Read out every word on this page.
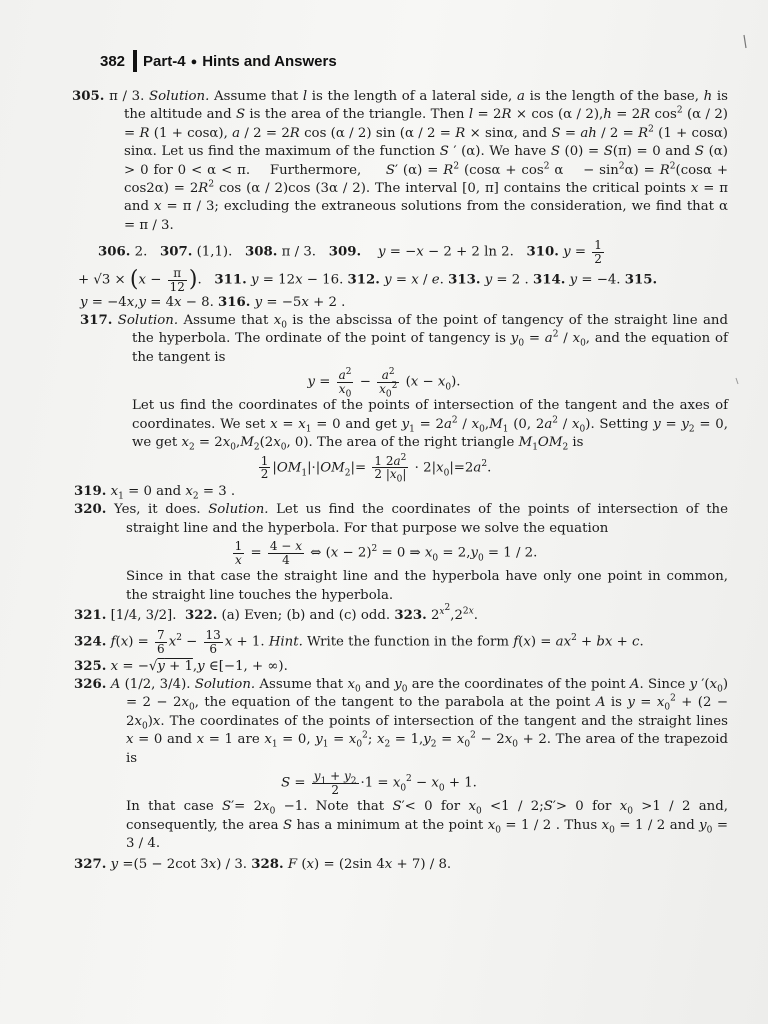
382 Part-4 ● Hints and Answers
305. π / 3. Solution. Assume that l is the length of a lateral side, a is the length of the base, h is the altitude and S is the area of the triangle. Then l = 2R × cos (α / 2),h = 2R $\cos^2 (\alpha / 2) = R$ (1 + cosα), a / 2 = 2R cos (α / 2) sin (α / 2 = R × sinα, and S = ah / $2 = R^2$ (1 + cosα) sinα. Let us find the maximum of the function S ′ (α). We have S (0) = S(π) = 0 and S (α) > 0 for 0 < α < π.    Furthermore,     S′ $(\alpha) = R^2$ ($\cos\alpha + \cos^2 \alpha$    − $\sin^2\alpha) = R^2(\cos\alpha + \cos 2\alpha) = 2R^2$ cos (α / 2)cos (3α / 2). The interval [0, π] contains the critical points x = π and x = π / 3; excluding the extraneous solutions from the consideration, we find that α = π / 3.
306. 2.   307. (1,1).   308. π / 3.   309. y = −x − 2 + 2 ln 2.   310. $y = \frac{1}{2}$
+ $√3 \times (x - \frac{\pi}{12}$ ).   311. y = 12x − 16. 312. y = x / e. 313. y = 2 . 314. y = −4. 315.
y = −4x,y = 4x − 8. 316. y = −5x + 2 .
317. Solution. Assume that $x_0$ is the abscissa of the point of tangency of the straight line and the hyperbola. The ordinate of the point of tangency is $y_0 = a^2 / x_0$, and the equation of the tangent is
$y = \frac{a^2}{x_0} - \frac{a^2}{x_0^2} (x - x_0)$.
Let us find the coordinates of the points of intersection of the tangent and the axes of coordinates. We set $x = x_1 = 0$ and get $y_1 = 2a^2 / x_0,M_1$ (0, $2a^2 / x_0$). Setting $y = y_2 = 0$, we get $x_2 = 2x_0,M_2(2x_0$, 0). The area of the right triangle $M_1OM_2$ is
$\frac{1}{2} |OM_1|\cdot|OM_2|= \frac{1 2a^2}{2 |x_0|} \cdot 2|x_0|=2a^2$.
319. $x_1 = 0$ and $x_2 = 3$ .
320. Yes, it does. Solution. Let us find the coordinates of the points of intersection of the straight line and the hyperbola. For that purpose we solve the equation
$\frac{1}{x} = \frac{4 - x}{4}$ ⇔ $(x - 2)^2 = 0$ ⇒ $x_0 = 2,y_0 = 1 / 2$.
Since in that case the straight line and the hyperbola have only one point in common, the straight line touches the hyperbola.
321. [1/4, 3/2].  322. (a) Even; (b) and (c) odd. 323. $2^{x^2},2^{2x}$.
324. $f(x) = \frac{7}{6} x^2 - \frac{13}{6}$ x + 1. Hint. Write the function in the form $f(x) = ax^2$ + bx + c.
325. x = −√y + 1,y ∈[−1, + ∞).
326. A (1/2, 3/4). Solution. Assume that $x_0$ and $y_0$ are the coordinates of the point A. Since y $'(x_0) = 2 - 2x_0$, the equation of the tangent to the parabola at the point A is $y = x_0^2 + (2 - 2x_0)x$. The coordinates of the points of intersection of the tangent and the straight lines x = 0 and x = 1 are $x_1 = 0$, $y_1 = x_0^2$; $x_2 = 1,y_2 = x_0^2 - 2x_0 + 2$. The area of the trapezoid is
$S = \frac{y_1 + y_2}{2} \cdot 1 = x_0^2 - x_0 + 1$.
In that case $S'= 2x_0 -1$. Note that S′< 0 for $x_0 <1$ / 2;S′> 0 for $x_0 >1 / 2$ and, consequently, the area S has a minimum at the point $x_0 = 1 / 2$ . Thus $x_0 = 1 / 2$ and $y_0 = 3 / 4$.
327. y =(5 − 2cot 3x) / 3. 328. F (x) = (2sin 4x + 7) / 8.
